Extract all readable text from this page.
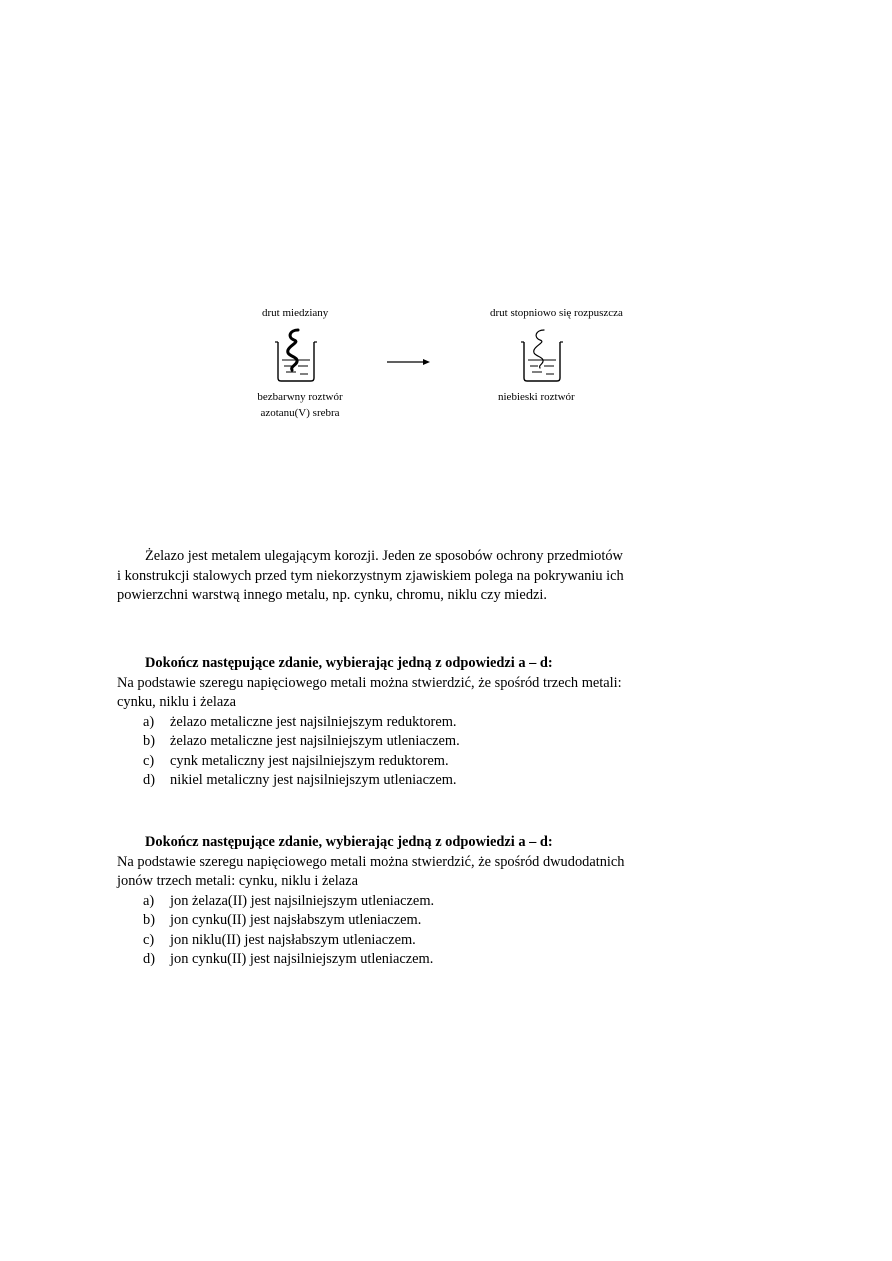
drut miedziany
bezbarwny roztwór
azotanu(V) srebra
drut stopniowo się rozpuszcza
niebieski roztwór
Żelazo jest metalem ulegającym korozji. Jeden ze sposobów ochrony przedmiotów i konstrukcji stalowych przed tym niekorzystnym zjawiskiem polega na pokrywaniu ich powierzchni warstwą innego metalu, np. cynku, chromu, niklu czy miedzi.
Dokończ następujące zdanie, wybierając jedną z odpowiedzi a – d:
Na podstawie szeregu napięciowego metali można stwierdzić, że spośród trzech metali: cynku, niklu i żelaza
a) żelazo metaliczne jest najsilniejszym reduktorem.
b) żelazo metaliczne jest najsilniejszym utleniaczem.
c) cynk metaliczny jest najsilniejszym reduktorem.
d) nikiel metaliczny jest najsilniejszym utleniaczem.
Dokończ następujące zdanie, wybierając jedną z odpowiedzi a – d:
Na podstawie szeregu napięciowego metali można stwierdzić, że spośród dwudodatnich jonów trzech metali: cynku, niklu i żelaza
a) jon żelaza(II) jest najsilniejszym utleniaczem.
b) jon cynku(II) jest najsłabszym utleniaczem.
c) jon niklu(II) jest najsłabszym utleniaczem.
d) jon cynku(II) jest najsilniejszym utleniaczem.
